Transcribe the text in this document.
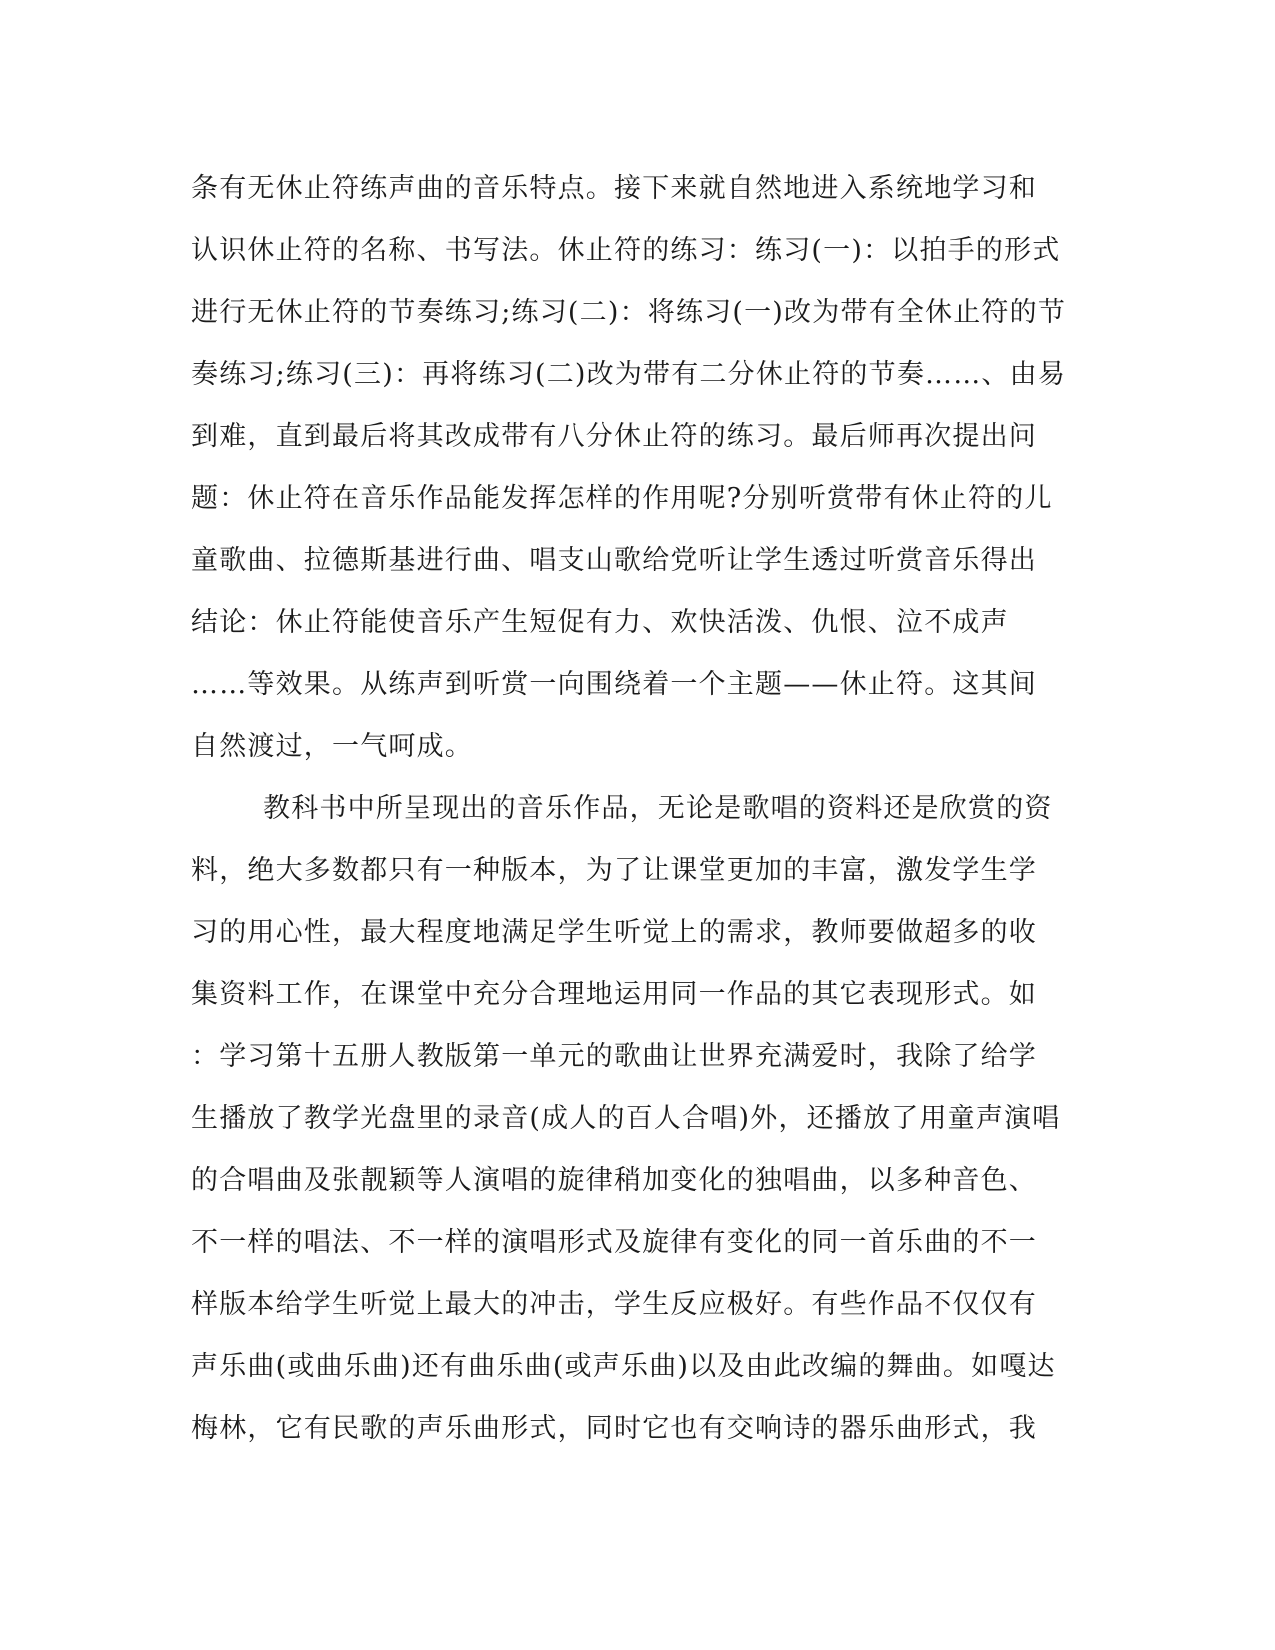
条有无休止符练声曲的音乐特点。接下来就自然地进入系统地学习和
认识休止符的名称、书写法。休止符的练习：练习(一)：以拍手的形式
进行无休止符的节奏练习;练习(二)：将练习(一)改为带有全休止符的节
奏练习;练习(三)：再将练习(二)改为带有二分休止符的节奏……、由易
到难，直到最后将其改成带有八分休止符的练习。最后师再次提出问
题：休止符在音乐作品能发挥怎样的作用呢?分别听赏带有休止符的儿
童歌曲、拉德斯基进行曲、唱支山歌给党听让学生透过听赏音乐得出
结论：休止符能使音乐产生短促有力、欢快活泼、仇恨、泣不成声
……等效果。从练声到听赏一向围绕着一个主题——休止符。这其间
自然渡过，一气呵成。
教科书中所呈现出的音乐作品，无论是歌唱的资料还是欣赏的资
料，绝大多数都只有一种版本，为了让课堂更加的丰富，激发学生学
习的用心性，最大程度地满足学生听觉上的需求，教师要做超多的收
集资料工作，在课堂中充分合理地运用同一作品的其它表现形式。如
：学习第十五册人教版第一单元的歌曲让世界充满爱时，我除了给学
生播放了教学光盘里的录音(成人的百人合唱)外，还播放了用童声演唱
的合唱曲及张靓颖等人演唱的旋律稍加变化的独唱曲，以多种音色、
不一样的唱法、不一样的演唱形式及旋律有变化的同一首乐曲的不一
样版本给学生听觉上最大的冲击，学生反应极好。有些作品不仅仅有
声乐曲(或曲乐曲)还有曲乐曲(或声乐曲)以及由此改编的舞曲。如嘎达
梅林，它有民歌的声乐曲形式，同时它也有交响诗的器乐曲形式，我
